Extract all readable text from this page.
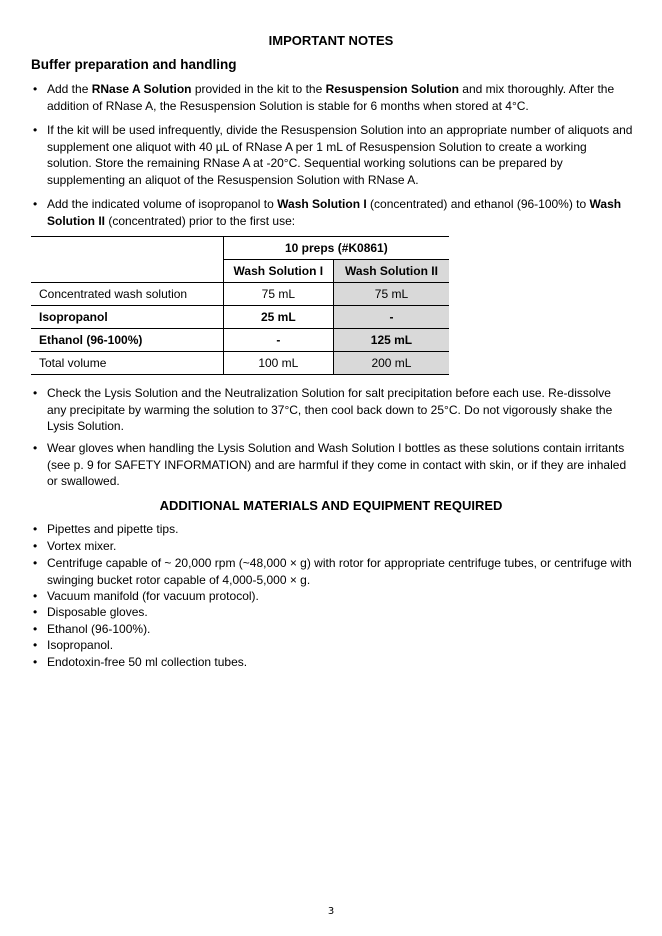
IMPORTANT NOTES
Buffer preparation and handling
• Add the RNase A Solution provided in the kit to the Resuspension Solution and mix thoroughly. After the addition of RNase A, the Resuspension Solution is stable for 6 months when stored at 4°C.
• If the kit will be used infrequently, divide the Resuspension Solution into an appropriate number of aliquots and supplement one aliquot with 40 µL of RNase A per 1 mL of Resuspension Solution to create a working solution. Store the remaining RNase A at -20°C. Sequential working solutions can be prepared by supplementing an aliquot of the Resuspension Solution with RNase A.
• Add the indicated volume of isopropanol to Wash Solution I (concentrated) and ethanol (96-100%) to Wash Solution II (concentrated) prior to the first use:
	10 preps (#K0861)	
	Wash Solution I	Wash Solution II
Concentrated wash solution	75 mL	75 mL
Isopropanol	25 mL	-
Ethanol (96-100%)	-	125 mL
Total volume	100 mL	200 mL
• Check the Lysis Solution and the Neutralization Solution for salt precipitation before each use. Re-dissolve any precipitate by warming the solution to 37°C, then cool back down to 25°C. Do not vigorously shake the Lysis Solution.
• Wear gloves when handling the Lysis Solution and Wash Solution I bottles as these solutions contain irritants (see p. 9 for SAFETY INFORMATION) and are harmful if they come in contact with skin, or if they are inhaled or swallowed.
ADDITIONAL MATERIALS AND EQUIPMENT REQUIRED
• Pipettes and pipette tips.
• Vortex mixer.
• Centrifuge capable of ~ 20,000 rpm (~48,000 × g) with rotor for appropriate centrifuge tubes, or centrifuge with swinging bucket rotor capable of 4,000-5,000 × g.
• Vacuum manifold (for vacuum protocol).
• Disposable gloves.
• Ethanol (96-100%).
• Isopropanol.
• Endotoxin-free 50 ml collection tubes.
3
